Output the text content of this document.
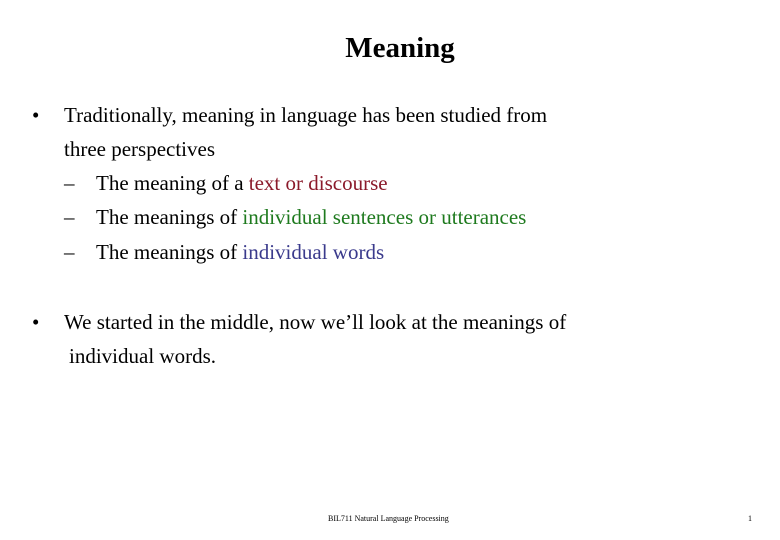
Meaning
•	Traditionally, meaning in language has been studied from
three perspectives
– The meaning of a text or discourse
– The meanings of individual sentences or utterances
– The meanings of individual words
•	We started in the middle, now we’ll look at the meanings of
individual words.
BIL711 Natural Language Processing	1
